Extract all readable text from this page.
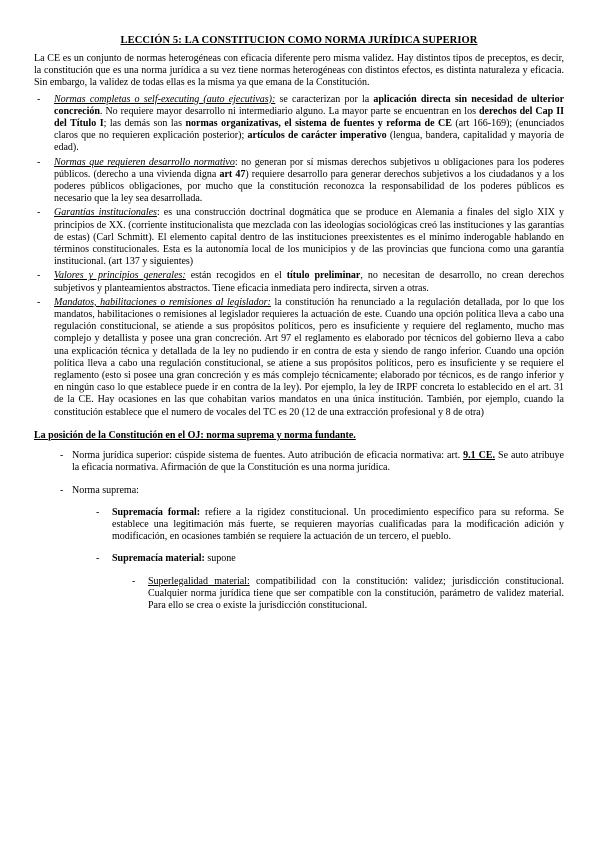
LECCIÓN 5: LA CONSTITUCION COMO NORMA JURÍDICA SUPERIOR

La CE es un conjunto de normas heterogéneas con eficacia diferente pero misma validez. Hay distintos tipos de preceptos, es decir, la constitución que es una norma jurídica a su vez tiene normas heterogéneas con distintos efectos, es distinta naturaleza y eficacia. Sin embargo, la validez de todas ellas es la misma ya que emana de la Constitución.

- Normas completas o self-executing (auto ejecutivas): se caracterizan por la aplicación directa sin necesidad de ulterior concreción. No requiere mayor desarrollo ni intermediario alguno. La mayor parte se encuentran en los derechos del Cap II del Título I; las demás son las normas organizativas, el sistema de fuentes y reforma de CE (art 166-169); (enunciados claros que no requieren explicación posterior); artículos de carácter imperativo (lengua, bandera, capitalidad y mayoría de edad).

- Normas que requieren desarrollo normativo: no generan por sí mismas derechos subjetivos u obligaciones para los poderes públicos. (derecho a una vivienda digna art 47) requiere desarrollo para generar derechos subjetivos a los ciudadanos y a los poderes públicos obligaciones, por mucho que la constitución reconozca la responsabilidad de los poderes públicos es necesario que la ley sea desarrollada.

- Garantías institucionales: es una construcción doctrinal dogmática que se produce en Alemania a finales del siglo XIX y principios de XX. (corriente institucionalista que mezclada con las ideologías sociológicas creó las instituciones y las garantías de estas) (Carl Schmitt). El elemento capital dentro de las instituciones preexistentes es el mínimo inderogable hablando en términos constitucionales. Esta es la autonomía local de los municipios y de las provincias que funciona como una garantía institucional. (art 137 y siguientes)

- Valores y principios generales: están recogidos en el título preliminar, no necesitan de desarrollo, no crean derechos subjetivos y planteamientos abstractos. Tiene eficacia inmediata pero indirecta, sirven a otras.

- Mandatos, habilitaciones o remisiones al legislador: la constitución ha renunciado a la regulación detallada, por lo que los mandatos, habilitaciones o remisiones al legislador requieres la actuación de este. Cuando una opción política lleva a cabo una regulación constitucional, se atiende a sus propósitos políticos, pero es insuficiente y requiere del reglamento, mucho mas complejo y detallista y posee una gran concreción. Art 97 el reglamento es elaborado por técnicos del gobierno lleva a cabo una explicación técnica y detallada de la ley no pudiendo ir en contra de esta y siendo de rango inferior. Cuando una opción política lleva a cabo una regulación constitucional, se atiene a sus propósitos políticos, pero es insuficiente y se requiere el reglamento (esto si posee una gran concreción y es más complejo técnicamente; elaborado por técnicos, es de rango inferior y en ningún caso lo que establece puede ir en contra de la ley). Por ejemplo, la ley de IRPF concreta lo establecido en el art. 31 de la CE. Hay ocasiones en las que cohabitan varios mandatos en una única institución. También, por ejemplo, cuando la constitución establece que el numero de vocales del TC es 20 (12 de una extracción profesional y 8 de otra)

La posición de la Constitución en el OJ: norma suprema y norma fundante.
- Norma jurídica superior: cúspide sistema de fuentes. Auto atribución de eficacia normativa: art. 9.1 CE. Se auto atribuye la eficacia normativa. Afirmación de que la Constitución es una norma jurídica.

- Norma suprema:

- Supremacía formal: refiere a la rigidez constitucional. Un procedimiento específico para su reforma. Se establece una legitimación más fuerte, se requieren mayorías cualificadas para la modificación adición y modificación, en ocasiones también se requiere la actuación de un tercero, el pueblo.

- Supremacía material: supone

- Superlegalidad material: compatibilidad con la constitución: validez; jurisdicción constitucional. Cualquier norma jurídica tiene que ser compatible con la constitución, parámetro de validez material. Para ello se crea o existe la jurisdicción constitucional.
